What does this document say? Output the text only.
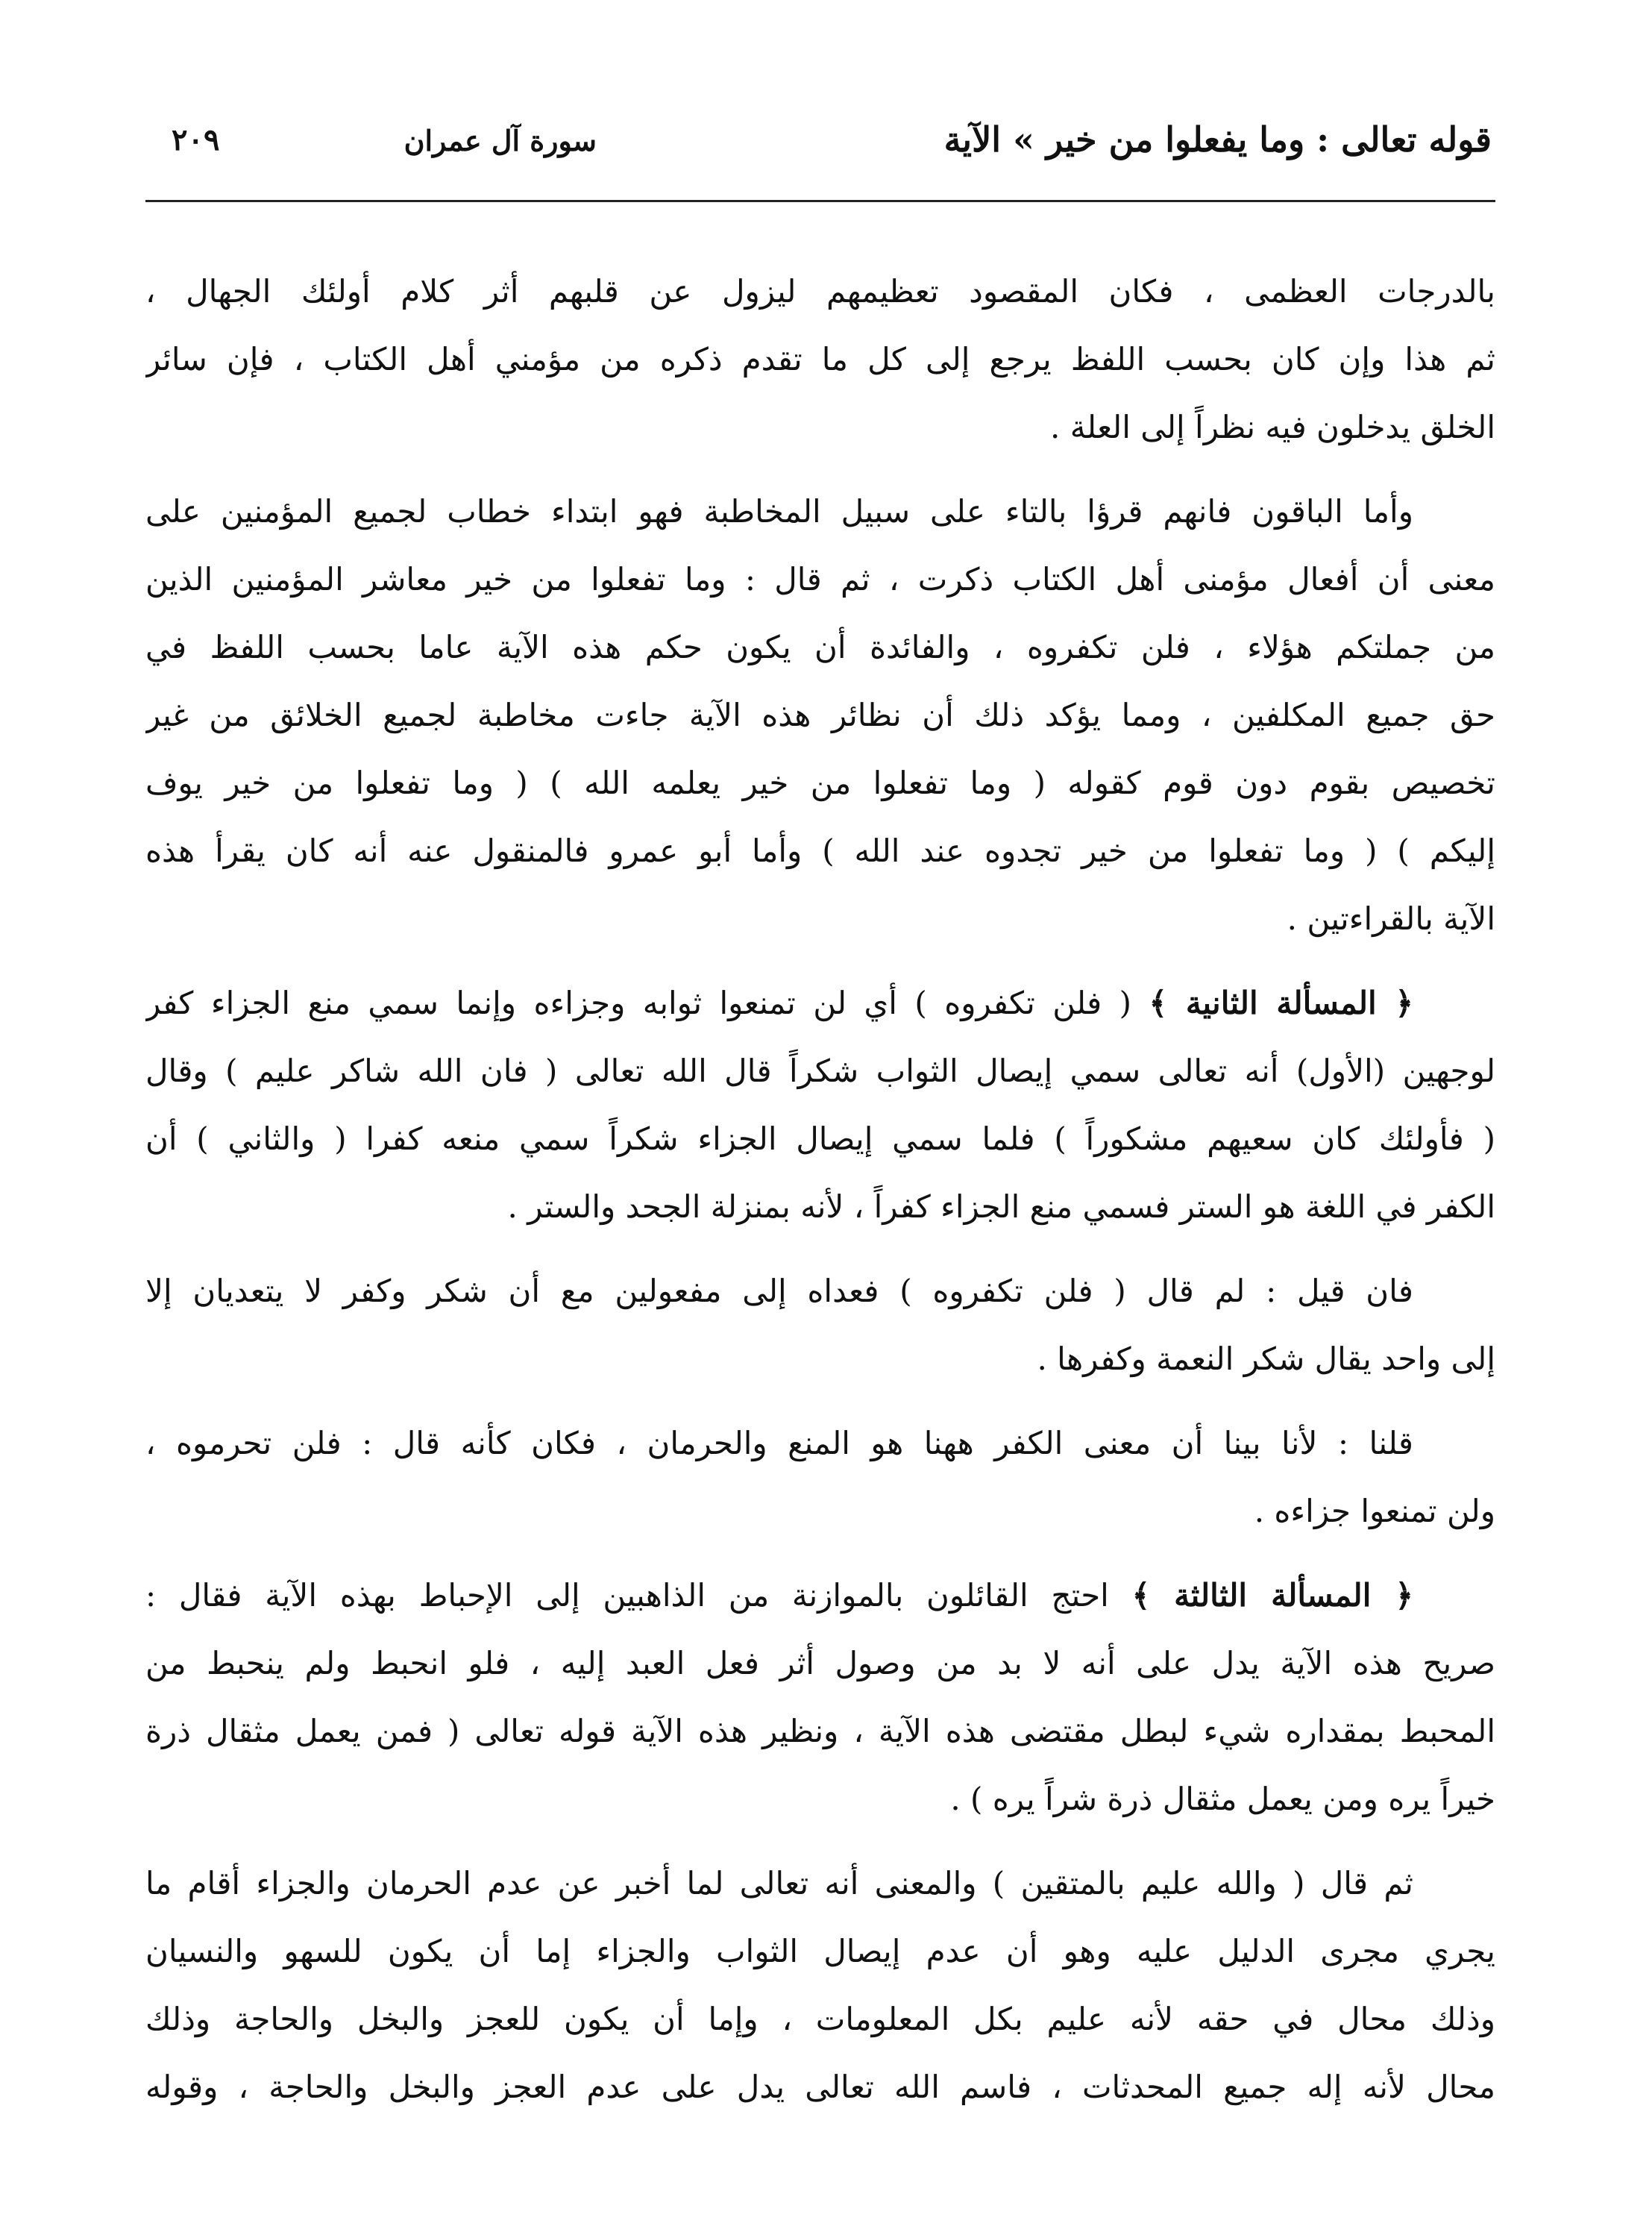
قوله تعالى : وما يفعلوا من خير » الآية
سورة آل عمران
٢٠٩
بالدرجات العظمى ، فكان المقصود تعظيمهم ليزول عن قلبهم أثر كلام أولئك الجهال ،
ثم هذا وإن كان بحسب اللفظ يرجع إلى كل ما تقدم ذكره من مؤمني أهل الكتاب ، فإن سائر
الخلق يدخلون فيه نظراً إلى العلة .
وأما الباقون فانهم قرؤا بالتاء على سبيل المخاطبة فهو ابتداء خطاب لجميع المؤمنين على
معنى أن أفعال مؤمنى أهل الكتاب ذكرت ، ثم قال : وما تفعلوا من خير معاشر المؤمنين الذين
من جملتكم هؤلاء ، فلن تكفروه ، والفائدة أن يكون حكم هذه الآية عاما بحسب اللفظ في
حق جميع المكلفين ، ومما يؤكد ذلك أن نظائر هذه الآية جاءت مخاطبة لجميع الخلائق من غير
تخصيص بقوم دون قوم كقوله ( وما تفعلوا من خير يعلمه الله ) ( وما تفعلوا من خير يوف
إليكم ) ( وما تفعلوا من خير تجدوه عند الله ) وأما أبو عمرو فالمنقول عنه أنه كان يقرأ هذه
الآية بالقراءتين .
﴿ المسألة الثانية ﴾ ( فلن تكفروه ) أي لن تمنعوا ثوابه وجزاءه وإنما سمي منع الجزاء كفر
لوجهين (الأول) أنه تعالى سمي إيصال الثواب شكراً قال الله تعالى ( فان الله شاكر عليم ) وقال
( فأولئك كان سعيهم مشكوراً ) فلما سمي إيصال الجزاء شكراً سمي منعه كفرا ( والثاني ) أن
الكفر في اللغة هو الستر فسمي منع الجزاء كفراً ، لأنه بمنزلة الجحد والستر .
فان قيل : لم قال ( فلن تكفروه ) فعداه إلى مفعولين مع أن شكر وكفر لا يتعديان إلا
إلى واحد يقال شكر النعمة وكفرها .
قلنا : لأنا بينا أن معنى الكفر ههنا هو المنع والحرمان ، فكان كأنه قال : فلن تحرموه ،
ولن تمنعوا جزاءه .
﴿ المسألة الثالثة ﴾ احتج القائلون بالموازنة من الذاهبين إلى الإحباط بهذه الآية فقال :
صريح هذه الآية يدل على أنه لا بد من وصول أثر فعل العبد إليه ، فلو انحبط ولم ينحبط من
المحبط بمقداره شيء لبطل مقتضى هذه الآية ، ونظير هذه الآية قوله تعالى ( فمن يعمل مثقال ذرة
خيراً يره ومن يعمل مثقال ذرة شراً يره ) .
ثم قال ( والله عليم بالمتقين ) والمعنى أنه تعالى لما أخبر عن عدم الحرمان والجزاء أقام ما
يجري مجرى الدليل عليه وهو أن عدم إيصال الثواب والجزاء إما أن يكون للسهو والنسيان
وذلك محال في حقه لأنه عليم بكل المعلومات ، وإما أن يكون للعجز والبخل والحاجة وذلك
محال لأنه إله جميع المحدثات ، فاسم الله تعالى يدل على عدم العجز والبخل والحاجة ، وقوله
